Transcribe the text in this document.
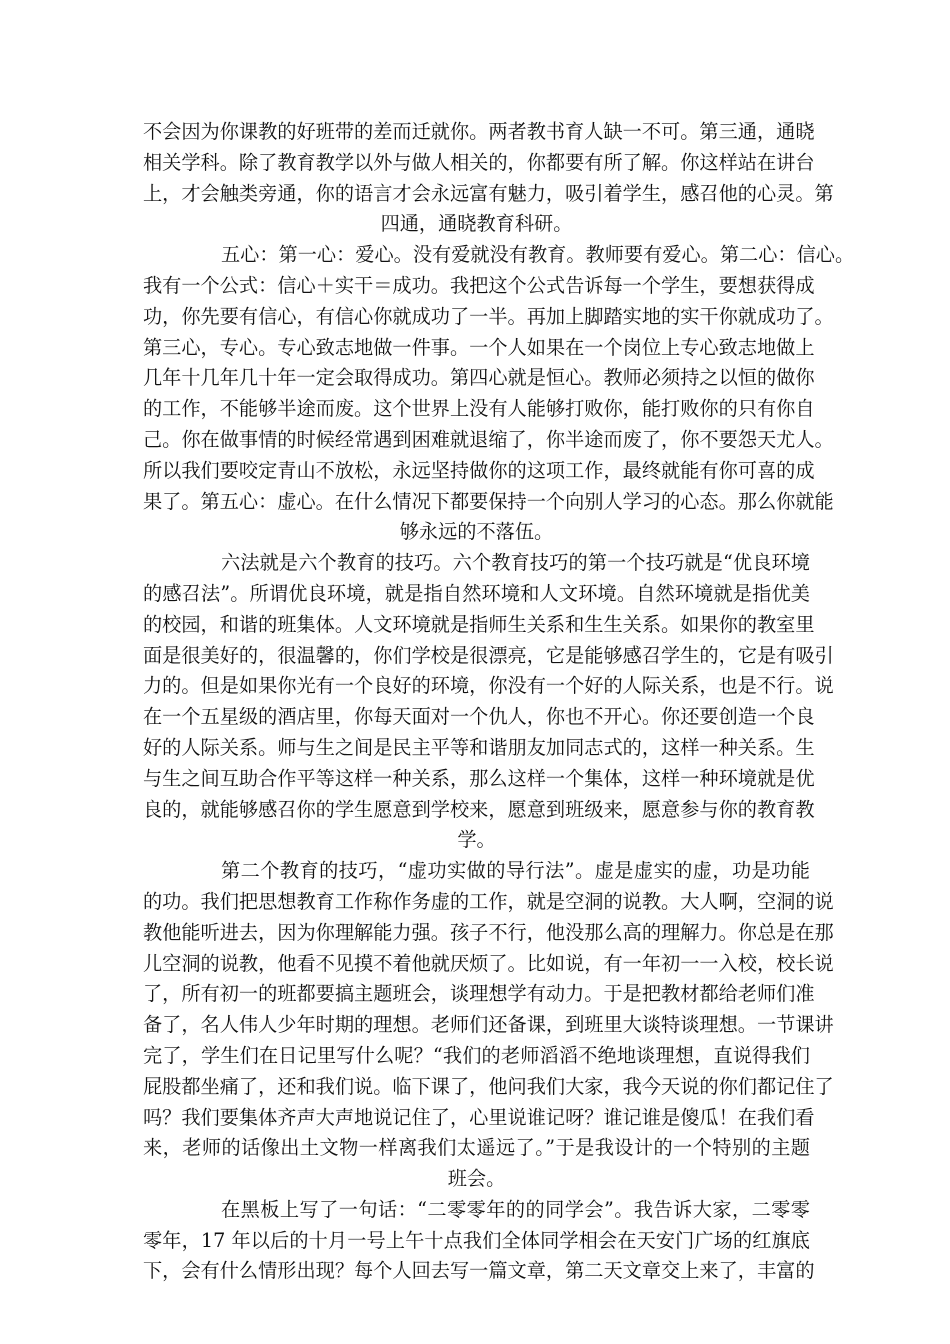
不会因为你课教的好班带的差而迁就你。两者教书育人缺一不可。第三通，通晓
相关学科。除了教育教学以外与做人相关的，你都要有所了解。你这样站在讲台
上，才会触类旁通，你的语言才会永远富有魅力，吸引着学生，感召他的心灵。第
四通，通晓教育科研。
五心：第一心：爱心。没有爱就没有教育。教师要有爱心。第二心：信心。
我有一个公式：信心＋实干＝成功。我把这个公式告诉每一个学生，要想获得成
功，你先要有信心，有信心你就成功了一半。再加上脚踏实地的实干你就成功了。
第三心，专心。专心致志地做一件事。一个人如果在一个岗位上专心致志地做上
几年十几年几十年一定会取得成功。第四心就是恒心。教师必须持之以恒的做你
的工作，不能够半途而废。这个世界上没有人能够打败你，能打败你的只有你自
己。你在做事情的时候经常遇到困难就退缩了，你半途而废了，你不要怨天尤人。
所以我们要咬定青山不放松，永远坚持做你的这项工作，最终就能有你可喜的成
果了。第五心：虚心。在什么情况下都要保持一个向别人学习的心态。那么你就能
够永远的不落伍。
六法就是六个教育的技巧。六个教育技巧的第一个技巧就是“优良环境
的感召法”。所谓优良环境，就是指自然环境和人文环境。自然环境就是指优美
的校园，和谐的班集体。人文环境就是指师生关系和生生关系。如果你的教室里
面是很美好的，很温馨的，你们学校是很漂亮，它是能够感召学生的，它是有吸引
力的。但是如果你光有一个良好的环境，你没有一个好的人际关系，也是不行。说
在一个五星级的酒店里，你每天面对一个仇人，你也不开心。你还要创造一个良
好的人际关系。师与生之间是民主平等和谐朋友加同志式的，这样一种关系。生
与生之间互助合作平等这样一种关系，那么这样一个集体，这样一种环境就是优
良的，就能够感召你的学生愿意到学校来，愿意到班级来，愿意参与你的教育教
学。
第二个教育的技巧，“虚功实做的导行法”。虚是虚实的虚，功是功能
的功。我们把思想教育工作称作务虚的工作，就是空洞的说教。大人啊，空洞的说
教他能听进去，因为你理解能力强。孩子不行，他没那么高的理解力。你总是在那
儿空洞的说教，他看不见摸不着他就厌烦了。比如说，有一年初一一入校，校长说
了，所有初一的班都要搞主题班会，谈理想学有动力。于是把教材都给老师们准
备了，名人伟人少年时期的理想。老师们还备课，到班里大谈特谈理想。一节课讲
完了，学生们在日记里写什么呢？“我们的老师滔滔不绝地谈理想，直说得我们
屁股都坐痛了，还和我们说。临下课了，他问我们大家，我今天说的你们都记住了
吗？我们要集体齐声大声地说记住了，心里说谁记呀？谁记谁是傻瓜！在我们看
来，老师的话像出土文物一样离我们太遥远了。”于是我设计的一个特别的主题
班会。
在黑板上写了一句话：“二零零年的的同学会”。我告诉大家，二零零
零年，17 年以后的十月一号上午十点我们全体同学相会在天安门广场的红旗底
下，会有什么情形出现？每个人回去写一篇文章，第二天文章交上来了，丰富的
